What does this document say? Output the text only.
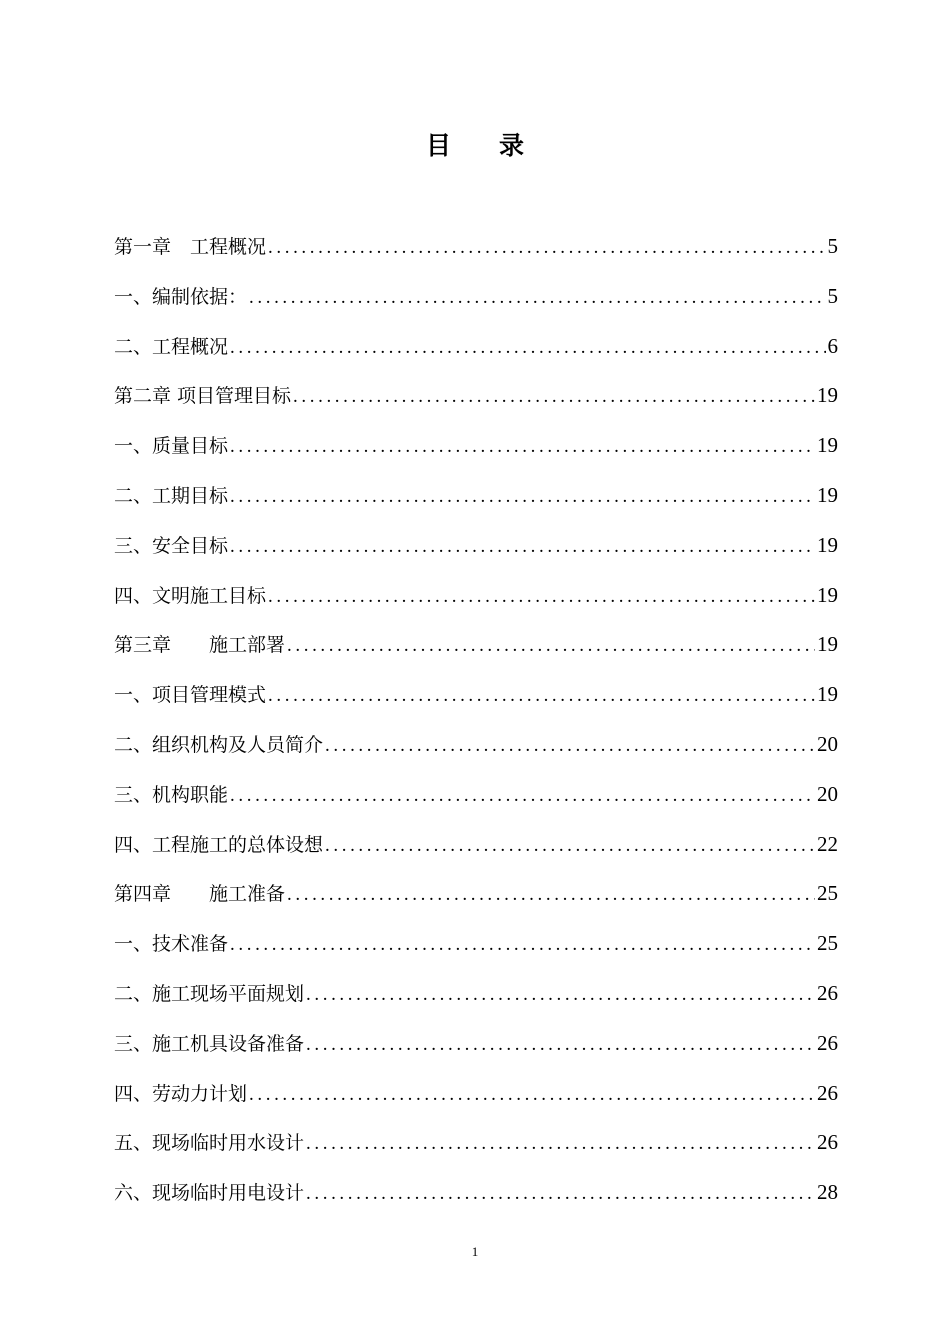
目录
第一章　工程概况 .....	5
一、编制依据： .....	5
二、工程概况 .....	6
第二章 项目管理目标 .....	19
一、质量目标 .....	19
二、工期目标 .....	19
三、安全目标 .....	19
四、文明施工目标 .....	19
第三章　　施工部署 .....	19
一、项目管理模式 .....	19
二、组织机构及人员简介 .....	20
三、机构职能 .....	20
四、工程施工的总体设想 .....	22
第四章　　施工准备 .....	25
一、技术准备 .....	25
二、施工现场平面规划 .....	26
三、施工机具设备准备 .....	26
四、劳动力计划 .....	26
五、现场临时用水设计 .....	26
六、现场临时用电设计 .....	28
1
